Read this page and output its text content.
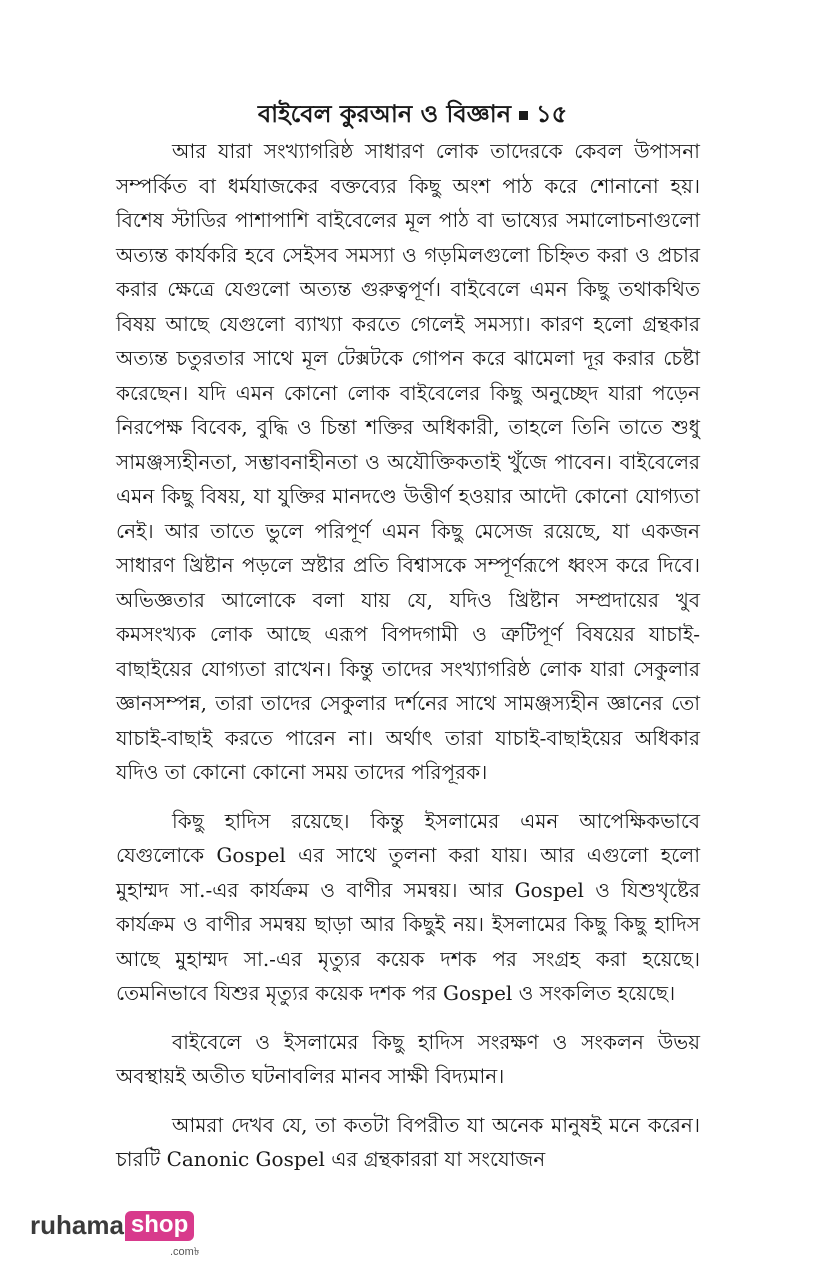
বাইবেল কুরআন ও বিজ্ঞান ১৫

আর যারা সংখ্যাগরিষ্ঠ সাধারণ লোক তাদেরকে কেবল উপাসনা সম্পর্কিত বা ধর্মযাজকের বক্তব্যের কিছু অংশ পাঠ করে শোনানো হয়। বিশেষ স্টাডির পাশাপাশি বাইবেলের মূল পাঠ বা ভাষ্যের সমালোচনাগুলো অত্যন্ত কার্যকরি হবে সেইসব সমস্যা ও গড়মিলগুলো চিহ্নিত করা ও প্রচার করার ক্ষেত্রে যেগুলো অত্যন্ত গুরুত্বপূর্ণ। বাইবেলে এমন কিছু তথাকথিত বিষয় আছে যেগুলো ব্যাখ্যা করতে গেলেই সমস্যা। কারণ হলো গ্রন্থকার অত্যন্ত চতুরতার সাথে মূল টেক্সটকে গোপন করে ঝামেলা দূর করার চেষ্টা করেছেন। যদি এমন কোনো লোক বাইবেলের কিছু অনুচ্ছেদ যারা পড়েন নিরপেক্ষ বিবেক, বুদ্ধি ও চিন্তা শক্তির অধিকারী, তাহলে তিনি তাতে শুধু সামঞ্জস্যহীনতা, সম্ভাবনাহীনতা ও অযৌক্তিকতাই খুঁজে পাবেন। বাইবেলের এমন কিছু বিষয়, যা যুক্তির মানদণ্ডে উত্তীর্ণ হওয়ার আদৌ কোনো যোগ্যতা নেই। আর তাতে ভুলে পরিপূর্ণ এমন কিছু মেসেজ রয়েছে, যা একজন সাধারণ খ্রিষ্টান পড়লে স্রষ্টার প্রতি বিশ্বাসকে সম্পূর্ণরূপে ধ্বংস করে দিবে। অভিজ্ঞতার আলোকে বলা যায় যে, যদিও খ্রিষ্টান সম্প্রদায়ের খুব কমসংখ্যক লোক আছে এরূপ বিপদগামী ও ত্রুটিপূর্ণ বিষয়ের যাচাই-বাছাইয়ের যোগ্যতা রাখেন। কিন্তু তাদের সংখ্যাগরিষ্ঠ লোক যারা সেকুলার জ্ঞানসম্পন্ন, তারা তাদের সেকুলার দর্শনের সাথে সামঞ্জস্যহীন জ্ঞানের তো যাচাই-বাছাই করতে পারেন না। অর্থাৎ তারা যাচাই-বাছাইয়ের অধিকার যদিও তা কোনো কোনো সময় তাদের পরিপূরক।

কিছু হাদিস রয়েছে। কিন্তু ইসলামের এমন আপেক্ষিকভাবে যেগুলোকে Gospel এর সাথে তুলনা করা যায়। আর এগুলো হলো মুহাম্মদ সা.-এর কার্যক্রম ও বাণীর সমন্বয়। আর Gospel ও যিশুখৃষ্টের কার্যক্রম ও বাণীর সমন্বয় ছাড়া আর কিছুই নয়। ইসলামের কিছু কিছু হাদিস আছে মুহাম্মদ সা.-এর মৃত্যুর কয়েক দশক পর সংগ্রহ করা হয়েছে। তেমনিভাবে যিশুর মৃত্যুর কয়েক দশক পর Gospel ও সংকলিত হয়েছে।

বাইবেলে ও ইসলামের কিছু হাদিস সংরক্ষণ ও সংকলন উভয় অবস্থায়ই অতীত ঘটনাবলির মানব সাক্ষী বিদ্যমান।

আমরা দেখব যে, তা কতটা বিপরীত যা অনেক মানুষই মনে করেন। চারটি Canonic Gospel এর গ্রন্থকাররা যা সংযোজন

ruhama shop
.com৳
